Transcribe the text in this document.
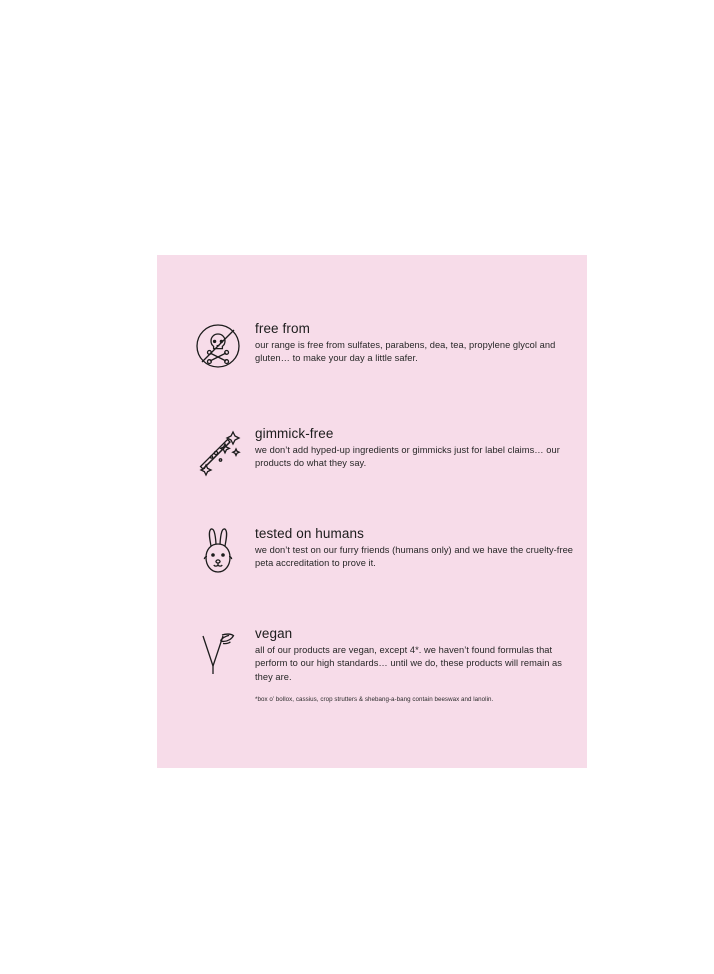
free from

our range is free from sulfates, parabens, dea, tea, propylene glycol and gluten… to make your day a little safer.

gimmick-free

we don’t add hyped-up ingredients or gimmicks just for label claims… our products do what they say.

tested on humans

we don’t test on our furry friends (humans only) and we have the cruelty-free peta accreditation to prove it.

vegan

all of our products are vegan, except 4*. we haven’t found formulas that perform to our high standards… until we do, these products will remain as they are.

*box o’ bollox, cassius, crop strutters & shebang-a-bang contain beeswax and lanolin.
